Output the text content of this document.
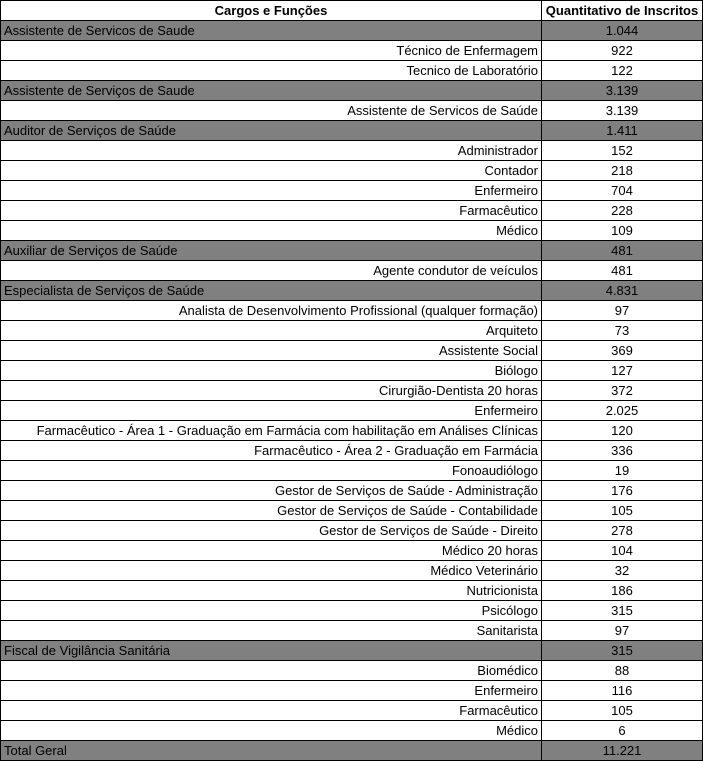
Cargos e Funções	Quantitativo de Inscritos
Assistente de Servicos de Saude	1.044
Técnico de Enfermagem	922
Tecnico de Laboratório	122
Assistente de Serviços de Saude	3.139
Assistente de Servicos de Saúde	3.139
Auditor de Serviços de Saúde	1.411
Administrador	152
Contador	218
Enfermeiro	704
Farmacêutico	228
Médico	109
Auxiliar de Serviços de Saúde	481
Agente condutor de veículos	481
Especialista de Serviços de Saúde	4.831
Analista de Desenvolvimento Profissional (qualquer formação)	97
Arquiteto	73
Assistente Social	369
Biólogo	127
Cirurgião-Dentista 20 horas	372
Enfermeiro	2.025
Farmacêutico - Área 1 - Graduação em Farmácia com habilitação em Análises Clínicas	120
Farmacêutico - Área 2 - Graduação em Farmácia	336
Fonoaudiólogo	19
Gestor de Serviços de Saúde - Administração	176
Gestor de Serviços de Saúde - Contabilidade	105
Gestor de Serviços de Saúde - Direito	278
Médico 20 horas	104
Médico Veterinário	32
Nutricionista	186
Psicólogo	315
Sanitarista	97
Fiscal de Vigilância Sanitária	315
Biomédico	88
Enfermeiro	116
Farmacêutico	105
Médico	6
Total Geral	11.221
